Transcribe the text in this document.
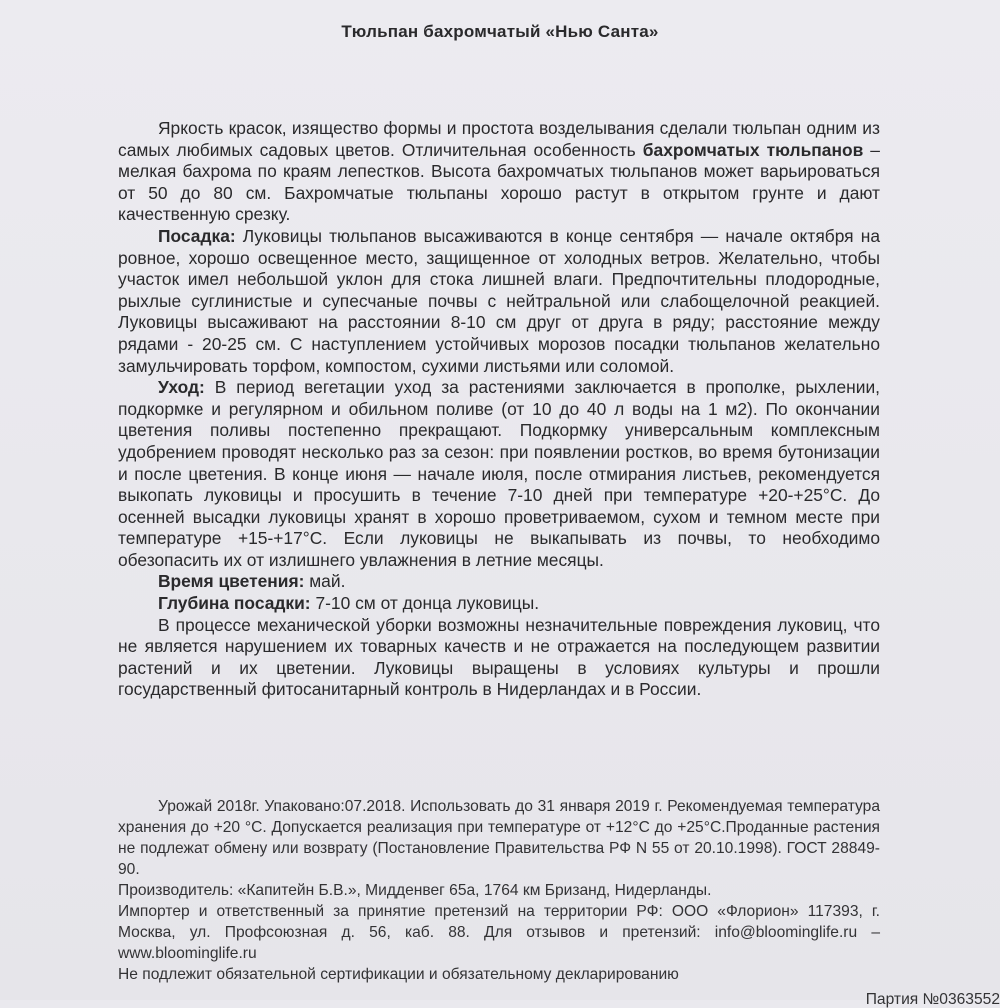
Тюльпан бахромчатый «Нью Санта»

Яркость красок, изящество формы и простота возделывания сделали тюльпан одним из самых любимых садовых цветов. Отличительная особенность бахромчатых тюльпанов – мелкая бахрома по краям лепестков. Высота бахромчатых тюльпанов может варьироваться от 50 до 80 см. Бахромчатые тюльпаны хорошо растут в открытом грунте и дают качественную срезку.

Посадка: Луковицы тюльпанов высаживаются в конце сентября — начале октября на ровное, хорошо освещенное место, защищенное от холодных ветров. Желательно, чтобы участок имел небольшой уклон для стока лишней влаги. Предпочтительны плодородные, рыхлые суглинистые и супесчаные почвы с нейтральной или слабощелочной реакцией. Луковицы высаживают на расстоянии 8-10 см друг от друга в ряду; расстояние между рядами - 20-25 см. С наступлением устойчивых морозов посадки тюльпанов желательно замульчировать торфом, компостом, сухими листьями или соломой.

Уход: В период вегетации уход за растениями заключается в прополке, рыхлении, подкормке и регулярном и обильном поливе (от 10 до 40 л воды на 1 м2). По окончании цветения поливы постепенно прекращают. Подкормку универсальным комплексным удобрением проводят несколько раз за сезон: при появлении ростков, во время бутонизации и после цветения. В конце июня — начале июля, после отмирания листьев, рекомендуется выкопать луковицы и просушить в течение 7-10 дней при температуре +20-+25°С. До осенней высадки луковицы хранят в хорошо проветриваемом, сухом и темном месте при температуре +15-+17°С. Если луковицы не выкапывать из почвы, то необходимо обезопасить их от излишнего увлажнения в летние месяцы.

Время цветения: май.

Глубина посадки: 7-10 см от донца луковицы.

В процессе механической уборки возможны незначительные повреждения луковиц, что не является нарушением их товарных качеств и не отражается на последующем развитии растений и их цветении. Луковицы выращены в условиях культуры и прошли государственный фитосанитарный контроль в Нидерландах и в России.

Урожай 2018г. Упаковано:07.2018. Использовать до 31 января 2019 г. Рекомендуемая температура хранения до +20 °С. Допускается реализация при температуре от +12°С до +25°С.Проданные растения не подлежат обмену или возврату (Постановление Правительства РФ N 55 от 20.10.1998). ГОСТ 28849-90.

Производитель: «Капитейн Б.В.», Мидденвег 65а, 1764 км Бризанд, Нидерланды.

Импортер и ответственный за принятие претензий на территории РФ: ООО «Флорион» 117393, г. Москва, ул. Профсоюзная д. 56, каб. 88. Для отзывов и претензий: info@bloominglife.ru – www.bloominglife.ru

Не подлежит обязательной сертификации и обязательному декларированию

Партия №0363552
